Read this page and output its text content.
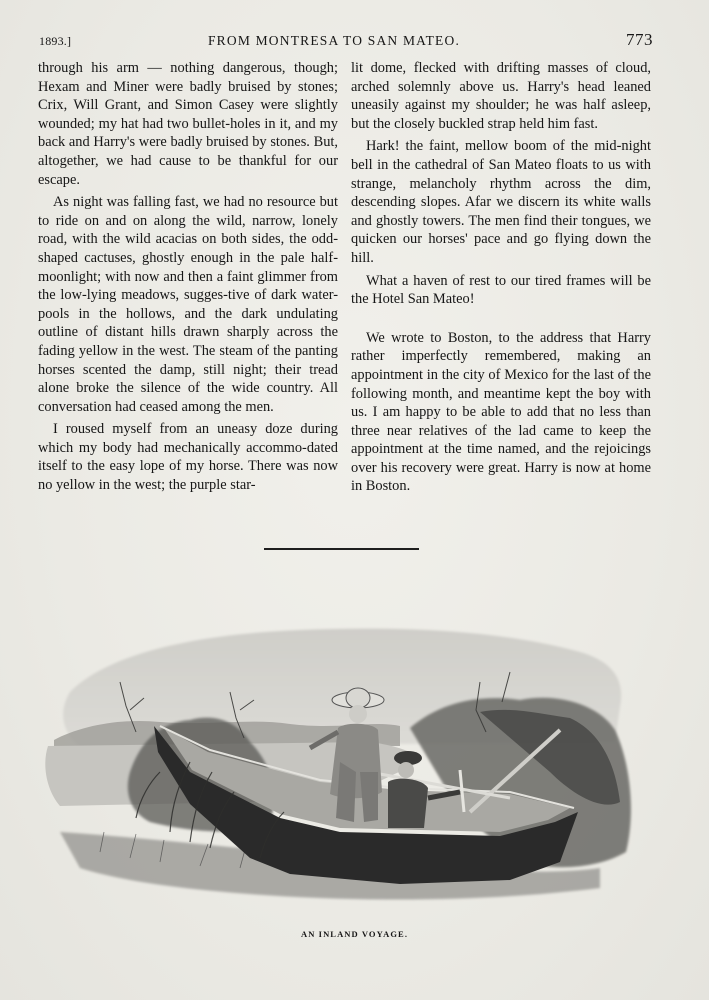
1893.]	FROM MONTRESA TO SAN MATEO.	773

through his arm — nothing dangerous, though; Hexam and Miner were badly bruised by stones; Crix, Will Grant, and Simon Casey were slightly wounded; my hat had two bullet-holes in it, and my back and Harry's were badly bruised by stones. But, altogether, we had cause to be thankful for our escape.

As night was falling fast, we had no resource but to ride on and on along the wild, narrow, lonely road, with the wild acacias on both sides, the odd-shaped cactuses, ghostly enough in the pale half-moonlight; with now and then a faint glimmer from the low-lying meadows, sugges-tive of dark water-pools in the hollows, and the dark undulating outline of distant hills drawn sharply across the fading yellow in the west. The steam of the panting horses scented the damp, still night; their tread alone broke the silence of the wide country. All conversation had ceased among the men.

I roused myself from an uneasy doze during which my body had mechanically accommo-dated itself to the easy lope of my horse. There was now no yellow in the west; the purple star-

lit dome, flecked with drifting masses of cloud, arched solemnly above us. Harry's head leaned uneasily against my shoulder; he was half asleep, but the closely buckled strap held him fast.

Hark! the faint, mellow boom of the mid-night bell in the cathedral of San Mateo floats to us with strange, melancholy rhythm across the dim, descending slopes. Afar we discern its white walls and ghostly towers. The men find their tongues, we quicken our horses' pace and go flying down the hill.

What a haven of rest to our tired frames will be the Hotel San Mateo!

We wrote to Boston, to the address that Harry rather imperfectly remembered, making an appointment in the city of Mexico for the last of the following month, and meantime kept the boy with us. I am happy to be able to add that no less than three near relatives of the lad came to keep the appointment at the time named, and the rejoicings over his recovery were great. Harry is now at home in Boston.

AN INLAND VOYAGE.
